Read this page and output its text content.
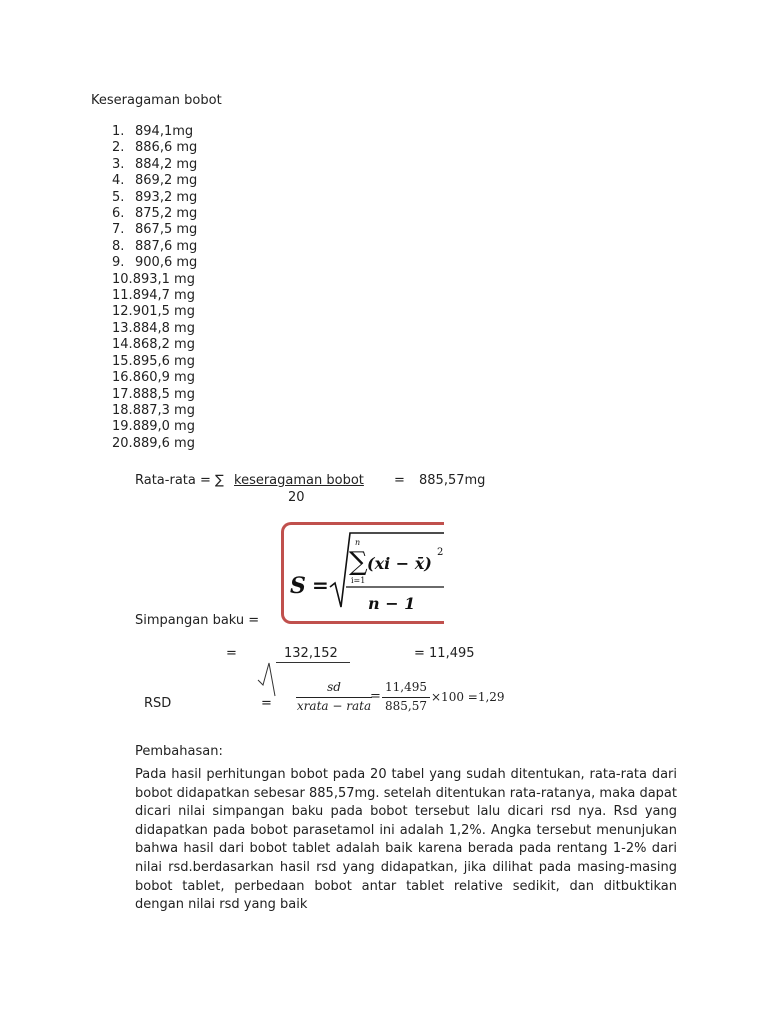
Keseragaman bobot
1. 894,1mg
2. 886,6 mg
3. 884,2 mg
4. 869,2 mg
5. 893,2 mg
6. 875,2 mg
7. 867,5 mg
8. 887,6 mg
9. 900,6 mg
10.893,1 mg
11.894,7 mg
12.901,5 mg
13.884,8 mg
14.868,2 mg
15.895,6 mg
16.860,9 mg
17.888,5 mg
18.887,3 mg
19.889,0 mg
20.889,6 mg
Rata-rata = ∑ keseragaman bobot
20
= 885,57mg
S =
∑
n
i=1
(xi − x̄)
2
n − 1
Simpangan baku =
=	132,152	= 11,495
RSD	=
sd
xrata − rata
=
11,495
885,57
×100 =1,29
Pembahasan:

Pada hasil perhitungan bobot pada 20 tabel yang sudah ditentukan, rata-rata dari bobot didapatkan sebesar 885,57mg. setelah ditentukan rata-ratanya, maka dapat dicari nilai simpangan baku pada bobot tersebut lalu dicari rsd nya. Rsd yang didapatkan pada bobot parasetamol ini adalah 1,2%. Angka tersebut menunjukan bahwa hasil dari bobot tablet adalah baik karena berada pada rentang 1-2% dari nilai rsd.berdasarkan hasil rsd yang didapatkan, jika dilihat pada masing-masing bobot tablet, perbedaan bobot antar tablet relative sedikit, dan ditbuktikan dengan nilai rsd yang baik
